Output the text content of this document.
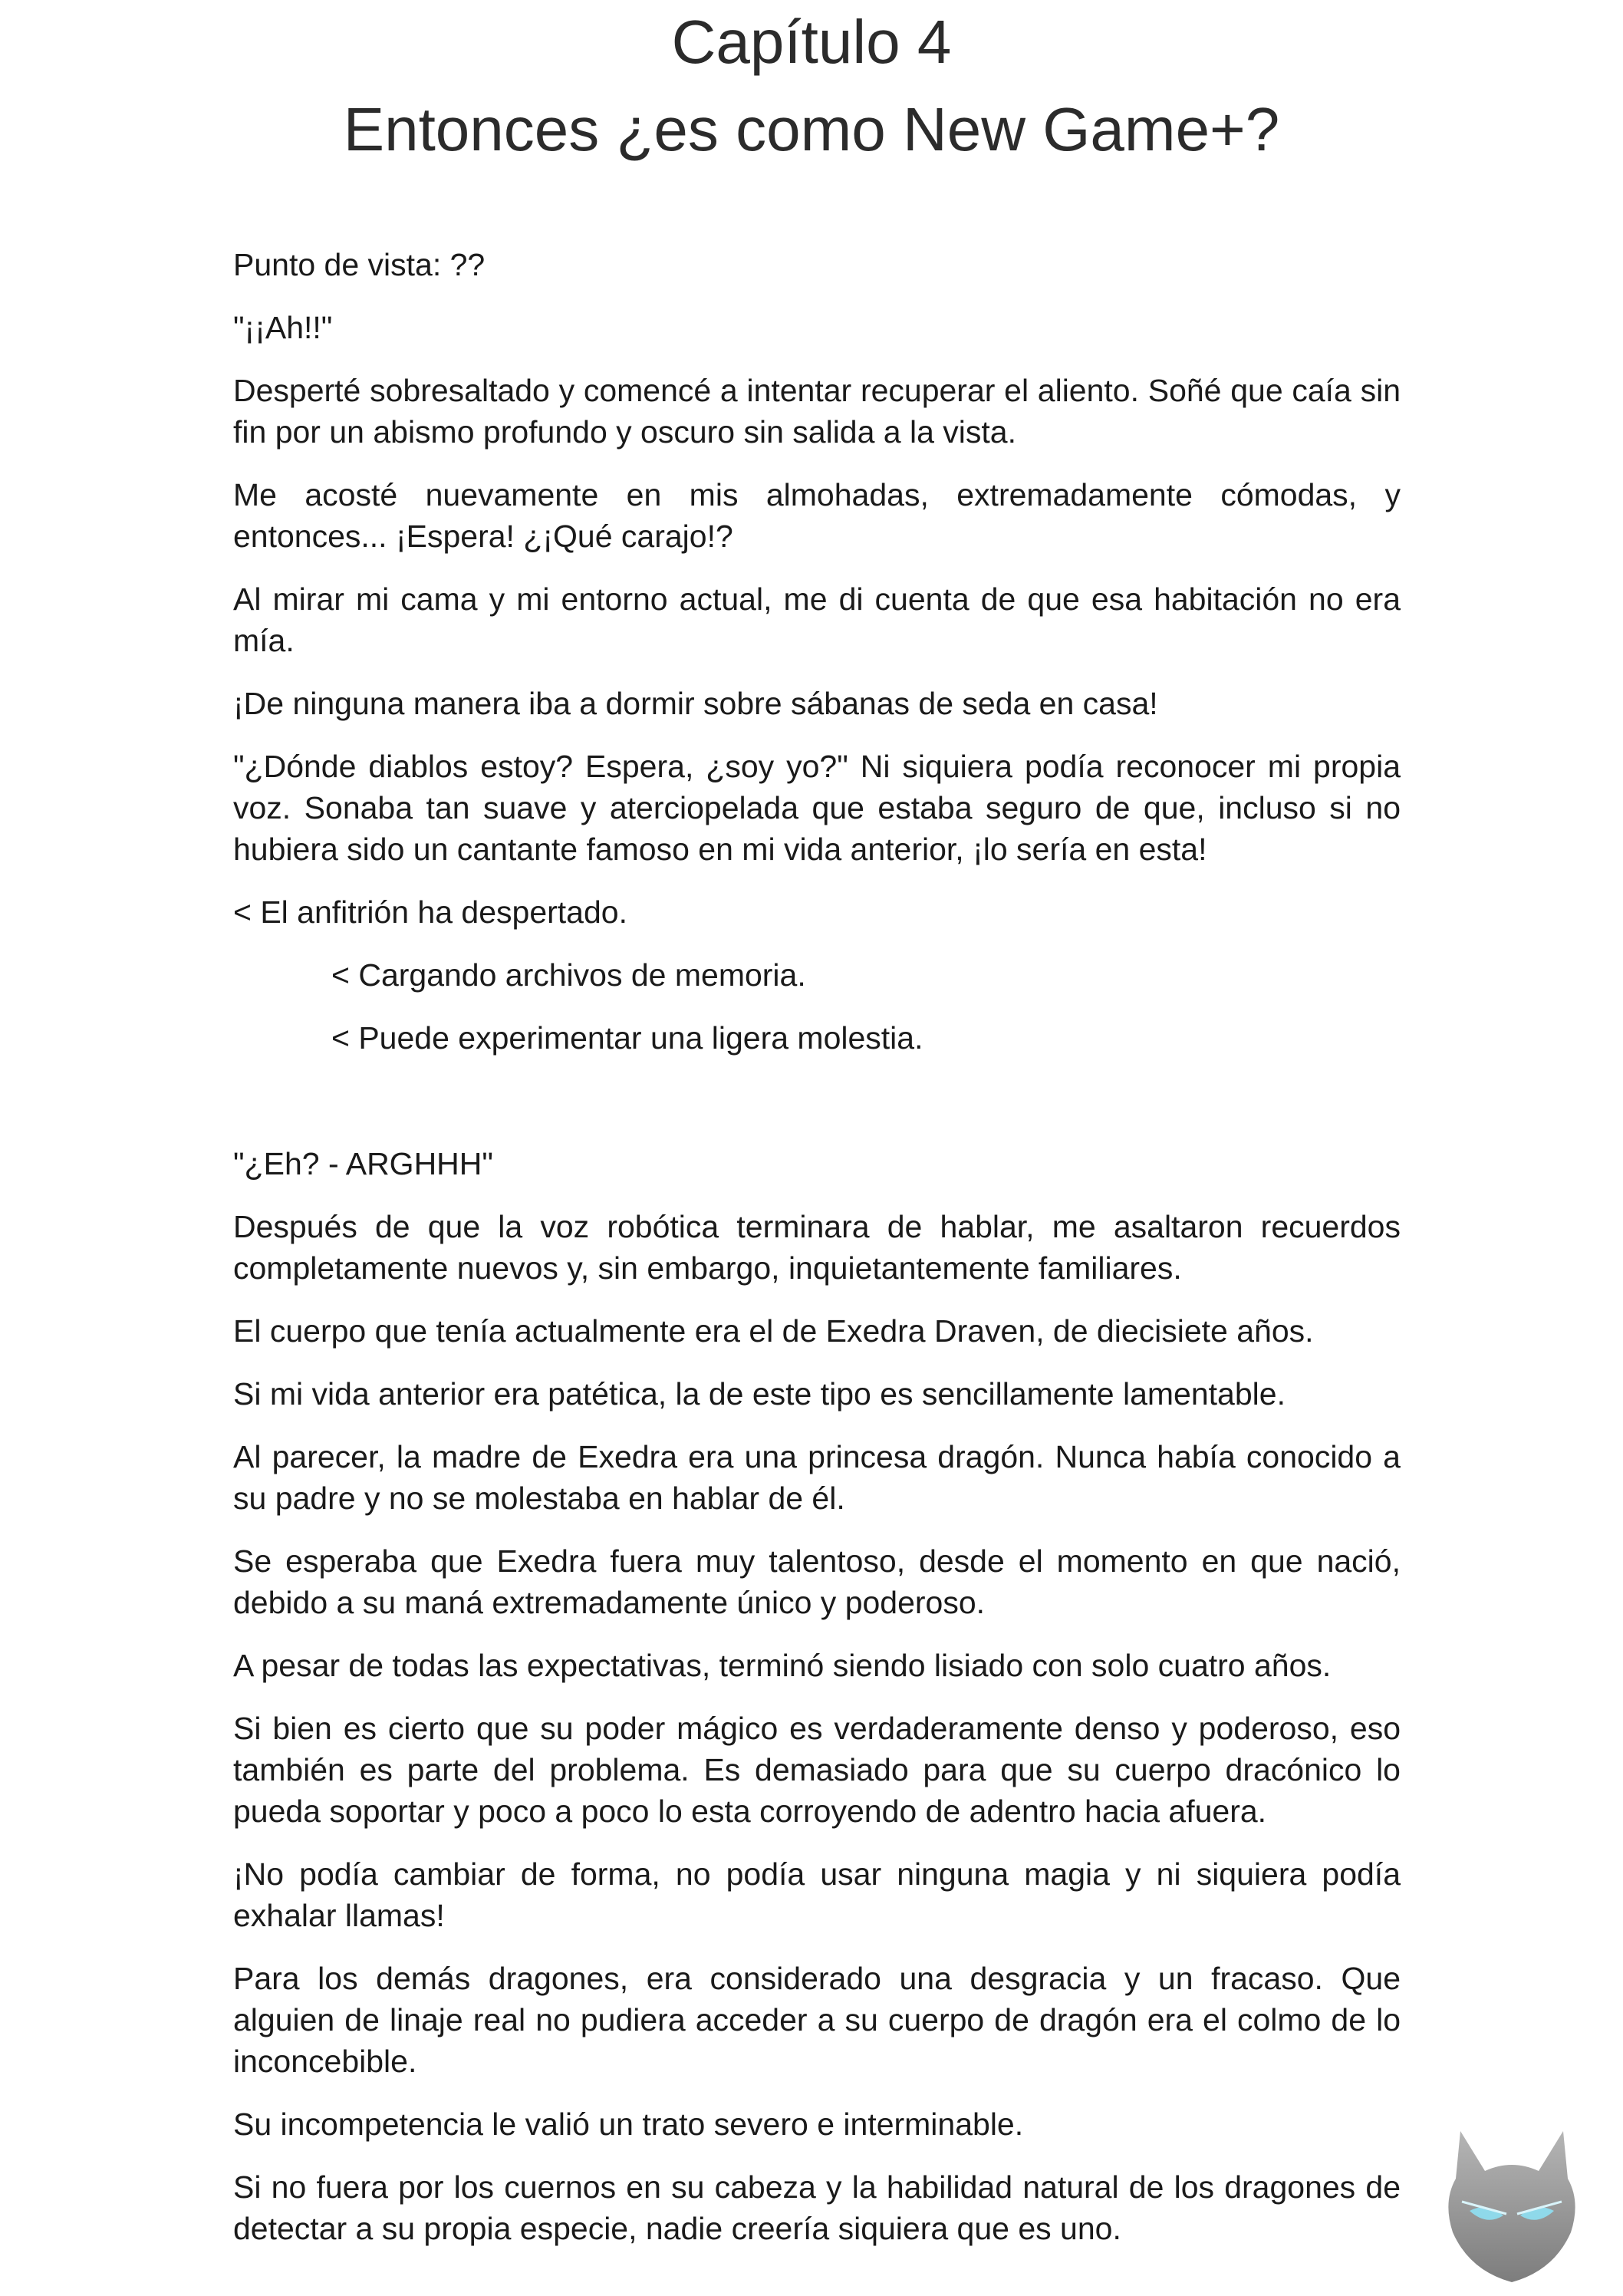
Capítulo 4
Entonces ¿es como New Game+?

Punto de vista: ??

"¡¡Ah!!"

Desperté sobresaltado y comencé a intentar recuperar el aliento. Soñé que caía sin fin por un abismo profundo y oscuro sin salida a la vista.

Me acosté nuevamente en mis almohadas, extremadamente cómodas, y entonces... ¡Espera! ¿¡Qué carajo!?

Al mirar mi cama y mi entorno actual, me di cuenta de que esa habitación no era mía.

¡De ninguna manera iba a dormir sobre sábanas de seda en casa!

"¿Dónde diablos estoy? Espera, ¿soy yo?" Ni siquiera podía reconocer mi propia voz. Sonaba tan suave y aterciopelada que estaba seguro de que, incluso si no hubiera sido un cantante famoso en mi vida anterior, ¡lo sería en esta!

< El anfitrión ha despertado.

< Cargando archivos de memoria.

< Puede experimentar una ligera molestia.

"¿Eh? - ARGHHH"

Después de que la voz robótica terminara de hablar, me asaltaron recuerdos completamente nuevos y, sin embargo, inquietantemente familiares.

El cuerpo que tenía actualmente era el de Exedra Draven, de diecisiete años.

Si mi vida anterior era patética, la de este tipo es sencillamente lamentable.

Al parecer, la madre de Exedra era una princesa dragón. Nunca había conocido a su padre y no se molestaba en hablar de él.

Se esperaba que Exedra fuera muy talentoso, desde el momento en que nació, debido a su maná extremadamente único y poderoso.

A pesar de todas las expectativas, terminó siendo lisiado con solo cuatro años.

Si bien es cierto que su poder mágico es verdaderamente denso y poderoso, eso también es parte del problema. Es demasiado para que su cuerpo dracónico lo pueda soportar y poco a poco lo esta corroyendo de adentro hacia afuera.

¡No podía cambiar de forma, no podía usar ninguna magia y ni siquiera podía exhalar llamas!

Para los demás dragones, era considerado una desgracia y un fracaso. Que alguien de linaje real no pudiera acceder a su cuerpo de dragón era el colmo de lo inconcebible.

Su incompetencia le valió un trato severo e interminable.

Si no fuera por los cuernos en su cabeza y la habilidad natural de los dragones de detectar a su propia especie, nadie creería siquiera que es uno.
